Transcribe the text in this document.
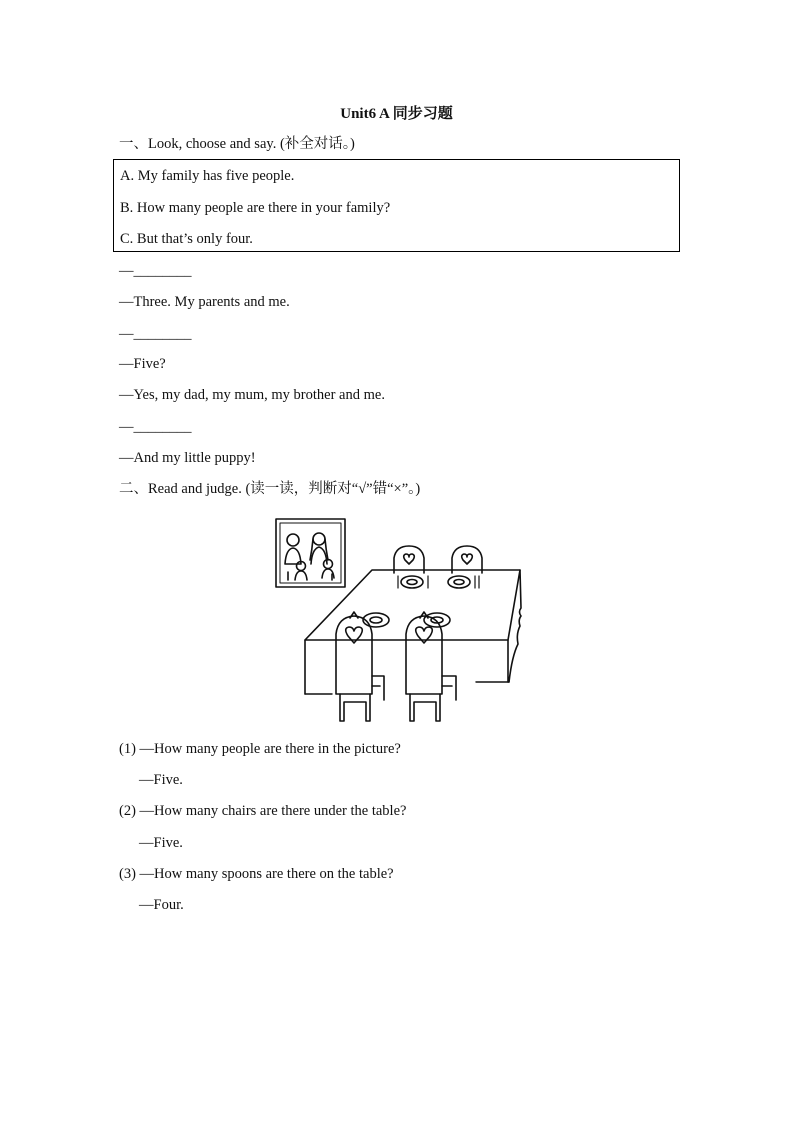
Unit6 A 同步习题
一、Look, choose and say. (补全对话。)
A. My family has five people.
B. How many people are there in your family?
C. But that’s only four.
—________
—Three. My parents and me.
—________
—Five?
—Yes, my dad, my mum, my brother and me.
—________
—And my little puppy!
二、Read and judge. (读一读，判断对“√”错“×”。)
(1) —How many people are there in the picture?
—Five.
(2) —How many chairs are there under the table?
—Five.
(3) —How many spoons are there on the table?
—Four.
